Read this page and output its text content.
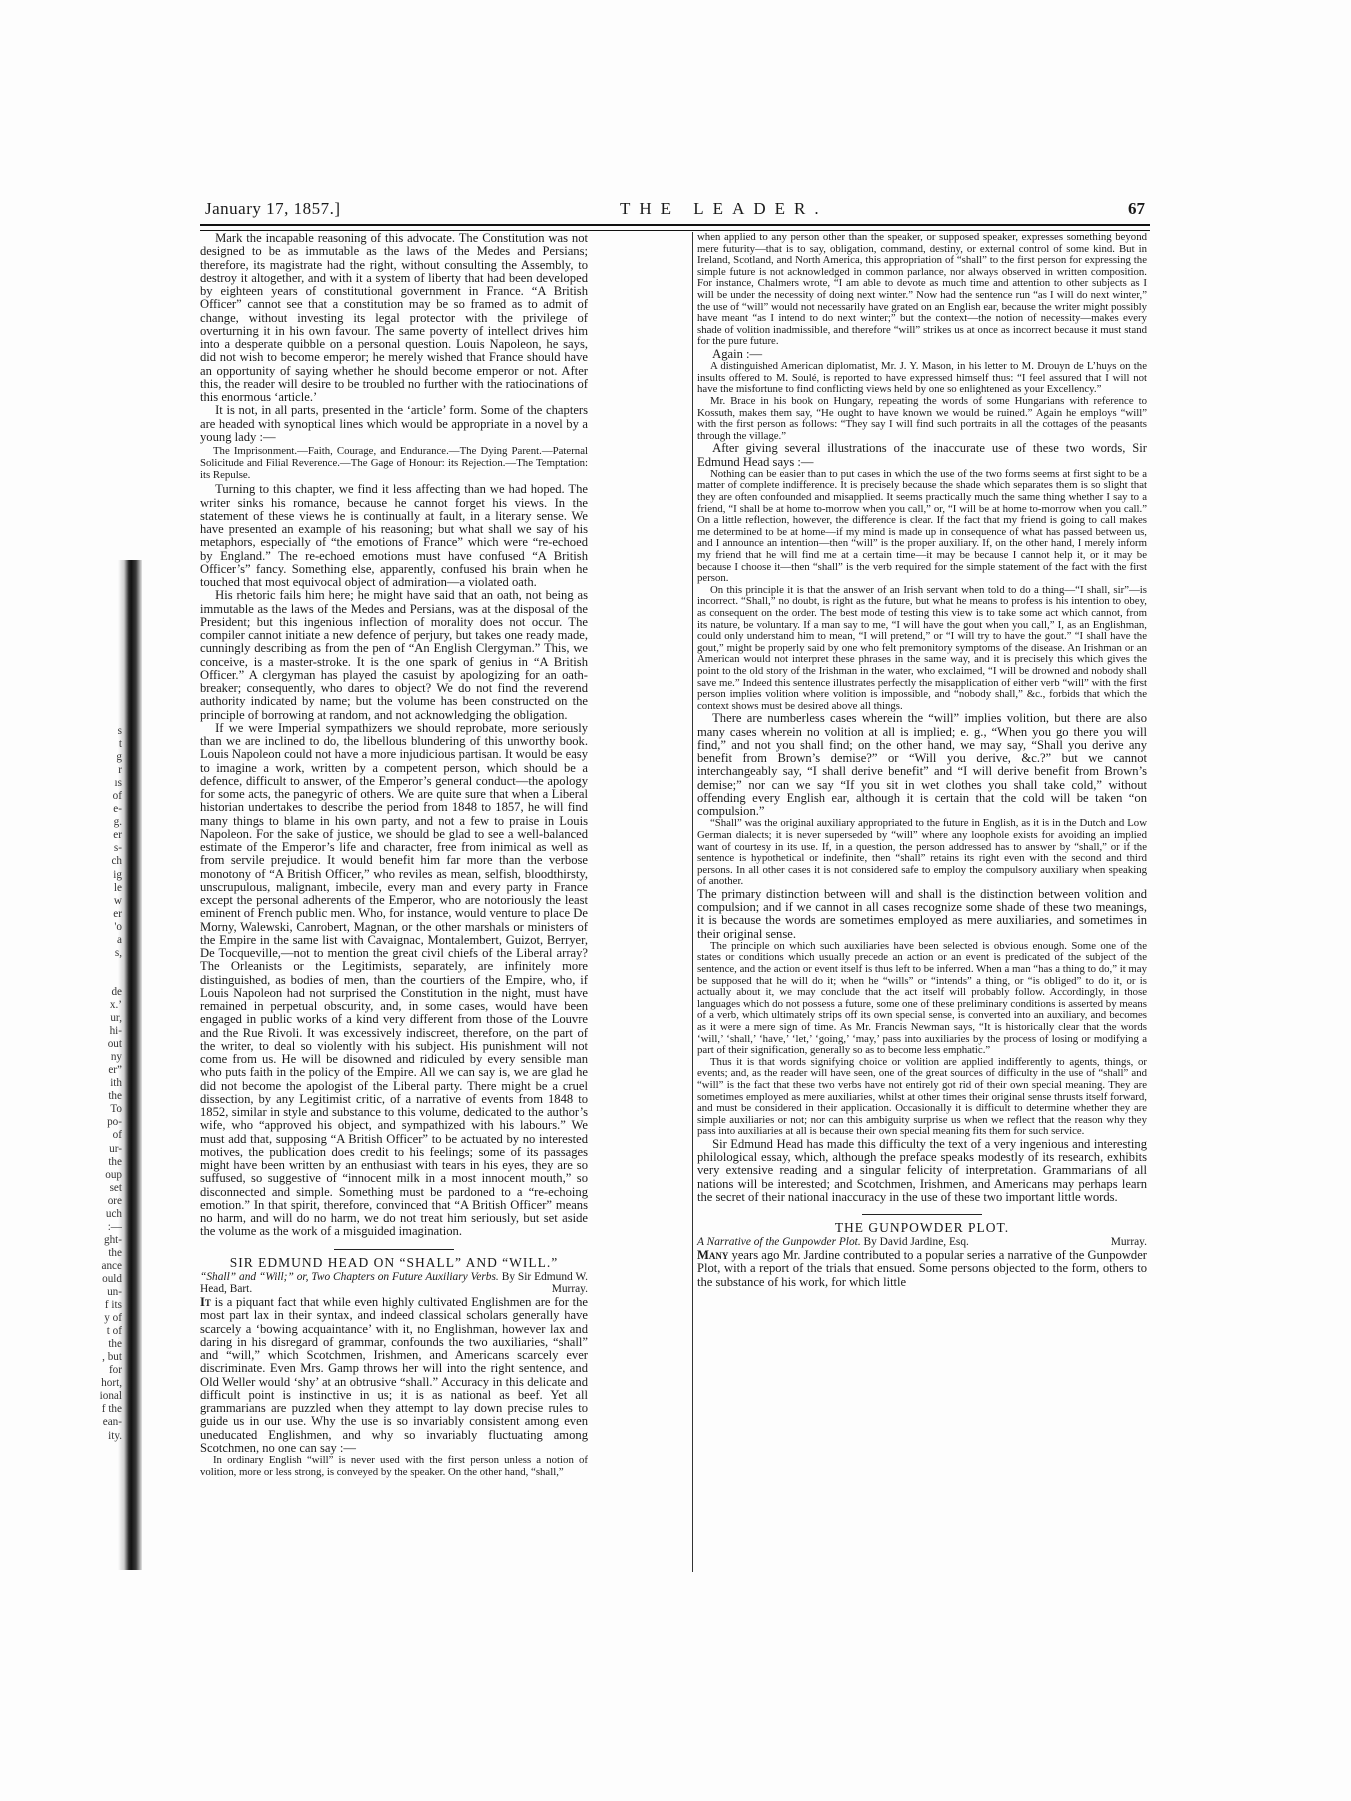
s
t
g
r
ıs
of
e-
g.
er
s-
ch
ig
le
w
er
'o
a
s,

de
x.’
ur,
hi-
out
ny
er”
ith
the
To
po-
of
ur-
the
oup
set
ore
uch
:—
ght-
the
ance
ould
un-
f its
y of
t of
the
, but
for
hort,
ional
f the
ean-
ity.
January 17, 1857.]	THE LEADER.	67

Mark the incapable reasoning of this advocate. The Constitution was not designed to be as immutable as the laws of the Medes and Persians; therefore, its magistrate had the right, without consulting the Assembly, to destroy it altogether, and with it a system of liberty that had been developed by eighteen years of constitutional government in France. “A British Officer” cannot see that a constitution may be so framed as to admit of change, without investing its legal protector with the privilege of overturning it in his own favour. The same poverty of intellect drives him into a desperate quibble on a personal question. Louis Napoleon, he says, did not wish to become emperor; he merely wished that France should have an opportunity of saying whether he should become emperor or not. After this, the reader will desire to be troubled no further with the ratiocinations of this enormous ‘article.’

It is not, in all parts, presented in the ‘article’ form. Some of the chapters are headed with synoptical lines which would be appropriate in a novel by a young lady :—

The Imprisonment.—Faith, Courage, and Endurance.—The Dying Parent.—Paternal Solicitude and Filial Reverence.—The Gage of Honour: its Rejection.—The Temptation: its Repulse.

Turning to this chapter, we find it less affecting than we had hoped. The writer sinks his romance, because he cannot forget his views. In the statement of these views he is continually at fault, in a literary sense. We have presented an example of his reasoning; but what shall we say of his metaphors, especially of “the emotions of France” which were “re-echoed by England.” The re-echoed emotions must have confused “A British Officer’s” fancy. Something else, apparently, confused his brain when he touched that most equivocal object of admiration—a violated oath.

His rhetoric fails him here; he might have said that an oath, not being as immutable as the laws of the Medes and Persians, was at the disposal of the President; but this ingenious inflection of morality does not occur. The compiler cannot initiate a new defence of perjury, but takes one ready made, cunningly describing as from the pen of “An English Clergyman.” This, we conceive, is a master-stroke. It is the one spark of genius in “A British Officer.” A clergyman has played the casuist by apologizing for an oath-breaker; consequently, who dares to object? We do not find the reverend authority indicated by name; but the volume has been constructed on the principle of borrowing at random, and not acknowledging the obligation.

If we were Imperial sympathizers we should reprobate, more seriously than we are inclined to do, the libellous blundering of this unworthy book. Louis Napoleon could not have a more injudicious partisan. It would be easy to imagine a work, written by a competent person, which should be a defence, difficult to answer, of the Emperor’s general conduct—the apology for some acts, the panegyric of others. We are quite sure that when a Liberal historian undertakes to describe the period from 1848 to 1857, he will find many things to blame in his own party, and not a few to praise in Louis Napoleon. For the sake of justice, we should be glad to see a well-balanced estimate of the Emperor’s life and character, free from inimical as well as from servile prejudice. It would benefit him far more than the verbose monotony of “A British Officer,” who reviles as mean, selfish, bloodthirsty, unscrupulous, malignant, imbecile, every man and every party in France except the personal adherents of the Emperor, who are notoriously the least eminent of French public men. Who, for instance, would venture to place De Morny, Walewski, Canrobert, Magnan, or the other marshals or ministers of the Empire in the same list with Cavaignac, Montalembert, Guizot, Berryer, De Tocqueville,—not to mention the great civil chiefs of the Liberal array? The Orleanists or the Legitimists, separately, are infinitely more distinguished, as bodies of men, than the courtiers of the Empire, who, if Louis Napoleon had not surprised the Constitution in the night, must have remained in perpetual obscurity, and, in some cases, would have been engaged in public works of a kind very different from those of the Louvre and the Rue Rivoli. It was excessively indiscreet, therefore, on the part of the writer, to deal so violently with his subject. His punishment will not come from us. He will be disowned and ridiculed by every sensible man who puts faith in the policy of the Empire. All we can say is, we are glad he did not become the apologist of the Liberal party. There might be a cruel dissection, by any Legitimist critic, of a narrative of events from 1848 to 1852, similar in style and substance to this volume, dedicated to the author’s wife, who “approved his object, and sympathized with his labours.” We must add that, supposing “A British Officer” to be actuated by no interested motives, the publication does credit to his feelings; some of its passages might have been written by an enthusiast with tears in his eyes, they are so suffused, so suggestive of “innocent milk in a most innocent mouth,” so disconnected and simple. Something must be pardoned to a “re-echoing emotion.” In that spirit, therefore, convinced that “A British Officer” means no harm, and will do no harm, we do not treat him seriously, but set aside the volume as the work of a misguided imagination.

SIR EDMUND HEAD ON “SHALL” AND “WILL.”
“Shall” and “Will;” or, Two Chapters on Future Auxiliary Verbs. By Sir Edmund W. Head, Bart.	Murray.

It is a piquant fact that while even highly cultivated Englishmen are for the most part lax in their syntax, and indeed classical scholars generally have scarcely a ‘bowing acquaintance’ with it, no Englishman, however lax and daring in his disregard of grammar, confounds the two auxiliaries, “shall” and “will,” which Scotchmen, Irishmen, and Americans scarcely ever discriminate. Even Mrs. Gamp throws her will into the right sentence, and Old Weller would ‘shy’ at an obtrusive “shall.” Accuracy in this delicate and difficult point is instinctive in us; it is as national as beef. Yet all grammarians are puzzled when they attempt to lay down precise rules to guide us in our use. Why the use is so invariably consistent among even uneducated Englishmen, and why so invariably fluctuating among Scotchmen, no one can say :—

In ordinary English “will” is never used with the first person unless a notion of volition, more or less strong, is conveyed by the speaker. On the other hand, “shall,”

when applied to any person other than the speaker, or supposed speaker, expresses something beyond mere futurity—that is to say, obligation, command, destiny, or external control of some kind. But in Ireland, Scotland, and North America, this appropriation of “shall” to the first person for expressing the simple future is not acknowledged in common parlance, nor always observed in written composition. For instance, Chalmers wrote, “I am able to devote as much time and attention to other subjects as I will be under the necessity of doing next winter.” Now had the sentence run “as I will do next winter,” the use of “will” would not necessarily have grated on an English ear, because the writer might possibly have meant “as I intend to do next winter;” but the context—the notion of necessity—makes every shade of volition inadmissible, and therefore “will” strikes us at once as incorrect because it must stand for the pure future.

Again :—

A distinguished American diplomatist, Mr. J. Y. Mason, in his letter to M. Drouyn de L’huys on the insults offered to M. Soulé, is reported to have expressed himself thus: “I feel assured that I will not have the misfortune to find conflicting views held by one so enlightened as your Excellency.”

Mr. Brace in his book on Hungary, repeating the words of some Hungarians with reference to Kossuth, makes them say, “He ought to have known we would be ruined.” Again he employs “will” with the first person as follows: “They say I will find such portraits in all the cottages of the peasants through the village.”

After giving several illustrations of the inaccurate use of these two words, Sir Edmund Head says :—

Nothing can be easier than to put cases in which the use of the two forms seems at first sight to be a matter of complete indifference. It is precisely because the shade which separates them is so slight that they are often confounded and misapplied. It seems practically much the same thing whether I say to a friend, “I shall be at home to-morrow when you call,” or, “I will be at home to-morrow when you call.” On a little reflection, however, the difference is clear. If the fact that my friend is going to call makes me determined to be at home—if my mind is made up in consequence of what has passed between us, and I announce an intention—then “will” is the proper auxiliary. If, on the other hand, I merely inform my friend that he will find me at a certain time—it may be because I cannot help it, or it may be because I choose it—then “shall” is the verb required for the simple statement of the fact with the first person.

On this principle it is that the answer of an Irish servant when told to do a thing—“I shall, sir”—is incorrect. “Shall,” no doubt, is right as the future, but what he means to profess is his intention to obey, as consequent on the order. The best mode of testing this view is to take some act which cannot, from its nature, be voluntary. If a man say to me, “I will have the gout when you call,” I, as an Englishman, could only understand him to mean, “I will pretend,” or “I will try to have the gout.” “I shall have the gout,” might be properly said by one who felt premonitory symptoms of the disease. An Irishman or an American would not interpret these phrases in the same way, and it is precisely this which gives the point to the old story of the Irishman in the water, who exclaimed, “I will be drowned and nobody shall save me.” Indeed this sentence illustrates perfectly the misapplication of either verb “will” with the first person implies volition where volition is impossible, and “nobody shall,” &c., forbids that which the context shows must be desired above all things.

There are numberless cases wherein the “will” implies volition, but there are also many cases wherein no volition at all is implied; e. g., “When you go there you will find,” and not you shall find; on the other hand, we may say, “Shall you derive any benefit from Brown’s demise?” or “Will you derive, &c.?” but we cannot interchangeably say, “I shall derive benefit” and “I will derive benefit from Brown’s demise;” nor can we say “If you sit in wet clothes you shall take cold,” without offending every English ear, although it is certain that the cold will be taken “on compulsion.”

“Shall” was the original auxiliary appropriated to the future in English, as it is in the Dutch and Low German dialects; it is never superseded by “will” where any loophole exists for avoiding an implied want of courtesy in its use. If, in a question, the person addressed has to answer by “shall,” or if the sentence is hypothetical or indefinite, then “shall” retains its right even with the second and third persons. In all other cases it is not considered safe to employ the compulsory auxiliary when speaking of another.

The primary distinction between will and shall is the distinction between volition and compulsion; and if we cannot in all cases recognize some shade of these two meanings, it is because the words are sometimes employed as mere auxiliaries, and sometimes in their original sense.

The principle on which such auxiliaries have been selected is obvious enough. Some one of the states or conditions which usually precede an action or an event is predicated of the subject of the sentence, and the action or event itself is thus left to be inferred. When a man “has a thing to do,” it may be supposed that he will do it; when he “wills” or “intends” a thing, or “is obliged” to do it, or is actually about it, we may conclude that the act itself will probably follow. Accordingly, in those languages which do not possess a future, some one of these preliminary conditions is asserted by means of a verb, which ultimately strips off its own special sense, is converted into an auxiliary, and becomes as it were a mere sign of time. As Mr. Francis Newman says, “It is historically clear that the words ‘will,’ ‘shall,’ ‘have,’ ‘let,’ ‘going,’ ‘may,’ pass into auxiliaries by the process of losing or modifying a part of their signification, generally so as to become less emphatic.”

Thus it is that words signifying choice or volition are applied indifferently to agents, things, or events; and, as the reader will have seen, one of the great sources of difficulty in the use of “shall” and “will” is the fact that these two verbs have not entirely got rid of their own special meaning. They are sometimes employed as mere auxiliaries, whilst at other times their original sense thrusts itself forward, and must be considered in their application. Occasionally it is difficult to determine whether they are simple auxiliaries or not; nor can this ambiguity surprise us when we reflect that the reason why they pass into auxiliaries at all is because their own special meaning fits them for such service.

Sir Edmund Head has made this difficulty the text of a very ingenious and interesting philological essay, which, although the preface speaks modestly of its research, exhibits very extensive reading and a singular felicity of interpretation. Grammarians of all nations will be interested; and Scotchmen, Irishmen, and Americans may perhaps learn the secret of their national inaccuracy in the use of these two important little words.

THE GUNPOWDER PLOT.
A Narrative of the Gunpowder Plot. By David Jardine, Esq.	Murray.

Many years ago Mr. Jardine contributed to a popular series a narrative of the Gunpowder Plot, with a report of the trials that ensued. Some persons objected to the form, others to the substance of his work, for which little
